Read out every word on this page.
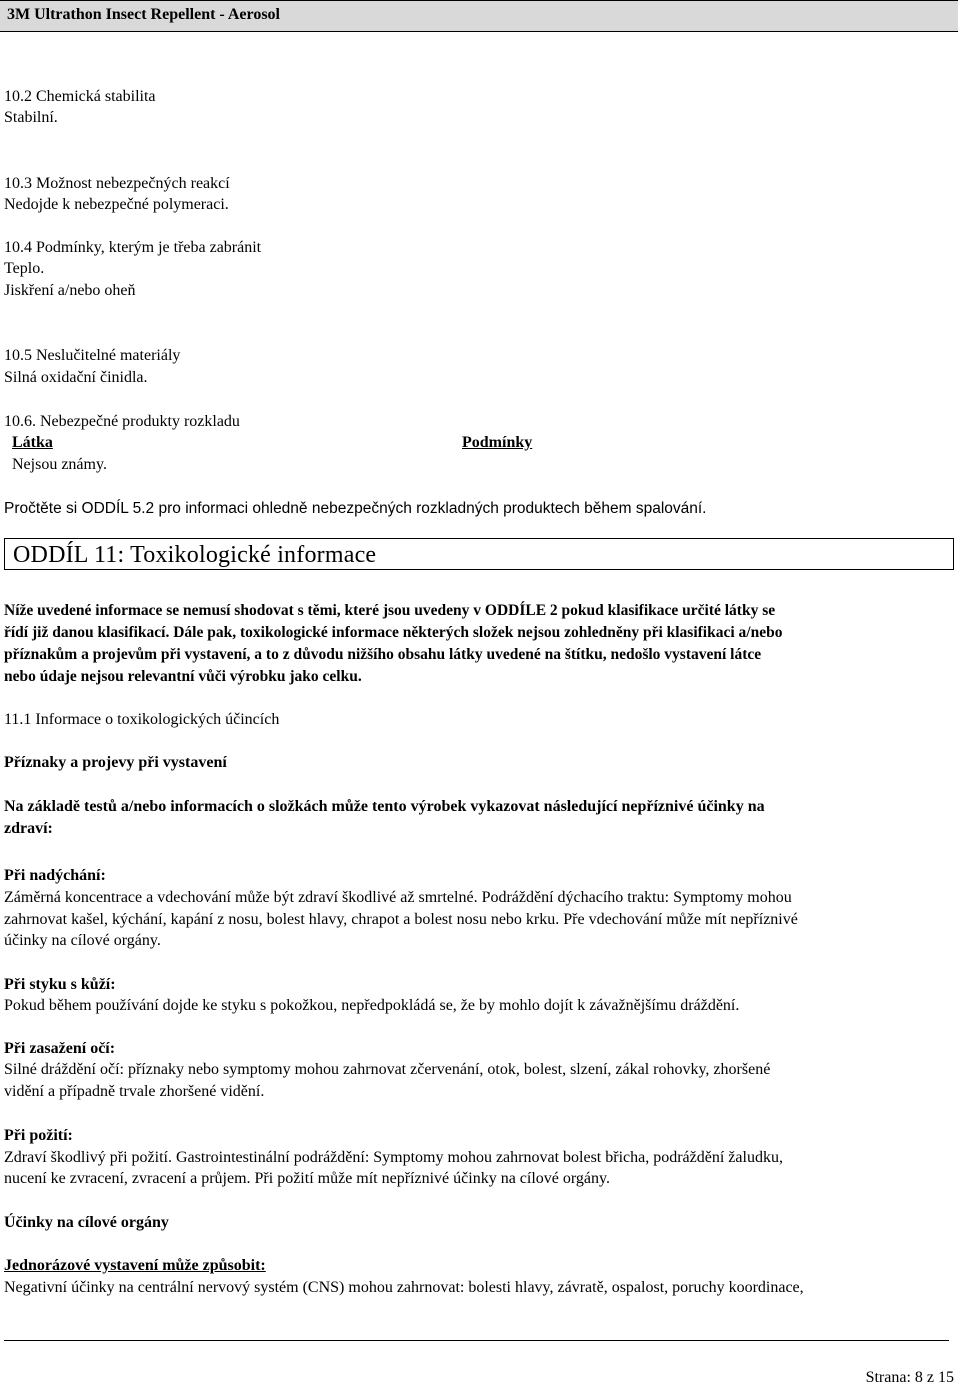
3M Ultrathon Insect Repellent - Aerosol
10.2 Chemická stabilita
Stabilní.
10.3 Možnost nebezpečných reakcí
Nedojde k nebezpečné polymeraci.
10.4 Podmínky, kterým je třeba zabránit
Teplo.
Jiskření a/nebo oheň
10.5 Neslučitelné materiály
Silná oxidační činidla.
10.6. Nebezpečné produkty rozkladu
Látka	Podmínky
Nejsou známy.
Pročtěte si ODDÍL 5.2 pro informaci ohledně nebezpečných rozkladných produktech během spalování.
ODDÍL 11: Toxikologické informace
Níže uvedené informace se nemusí shodovat s těmi, které jsou uvedeny v ODDÍLE 2 pokud klasifikace určité látky se
řídí již danou klasifikací. Dále pak, toxikologické informace některých složek nejsou zohledněny při klasifikaci a/nebo
příznakům a projevům při vystavení, a to z důvodu nižšího obsahu látky uvedené na štítku, nedošlo vystavení látce
nebo údaje nejsou relevantní vůči výrobku jako celku.
11.1 Informace o toxikologických účincích
Příznaky a projevy při vystavení
Na základě testů a/nebo informacích o složkách může tento výrobek vykazovat následující nepříznivé účinky na
zdraví:
Při nadýchání:
Záměrná koncentrace a vdechování může být zdraví škodlivé až smrtelné. Podráždění dýchacího traktu: Symptomy mohou
zahrnovat kašel, kýchání, kapání z nosu, bolest hlavy, chrapot a bolest nosu nebo krku. Pře vdechování může mít nepříznivé
účinky na cílové orgány.
Při styku s kůží:
Pokud během používání dojde ke styku s pokožkou, nepředpokládá se, že by mohlo dojít k závažnějšímu dráždění.
Při zasažení očí:
Silné dráždění očí: příznaky nebo symptomy mohou zahrnovat zčervenání, otok, bolest, slzení, zákal rohovky, zhoršené
vidění a případně trvale zhoršené vidění.
Při požití:
Zdraví škodlivý při požití. Gastrointestinální podráždění: Symptomy mohou zahrnovat bolest břicha, podráždění žaludku,
nucení ke zvracení, zvracení a průjem. Při požití může mít nepříznivé účinky na cílové orgány.
Účinky na cílové orgány
Jednorázové vystavení může způsobit:
Negativní účinky na centrální nervový systém (CNS) mohou zahrnovat: bolesti hlavy, závratě, ospalost, poruchy koordinace,
Strana: 8 z 15
